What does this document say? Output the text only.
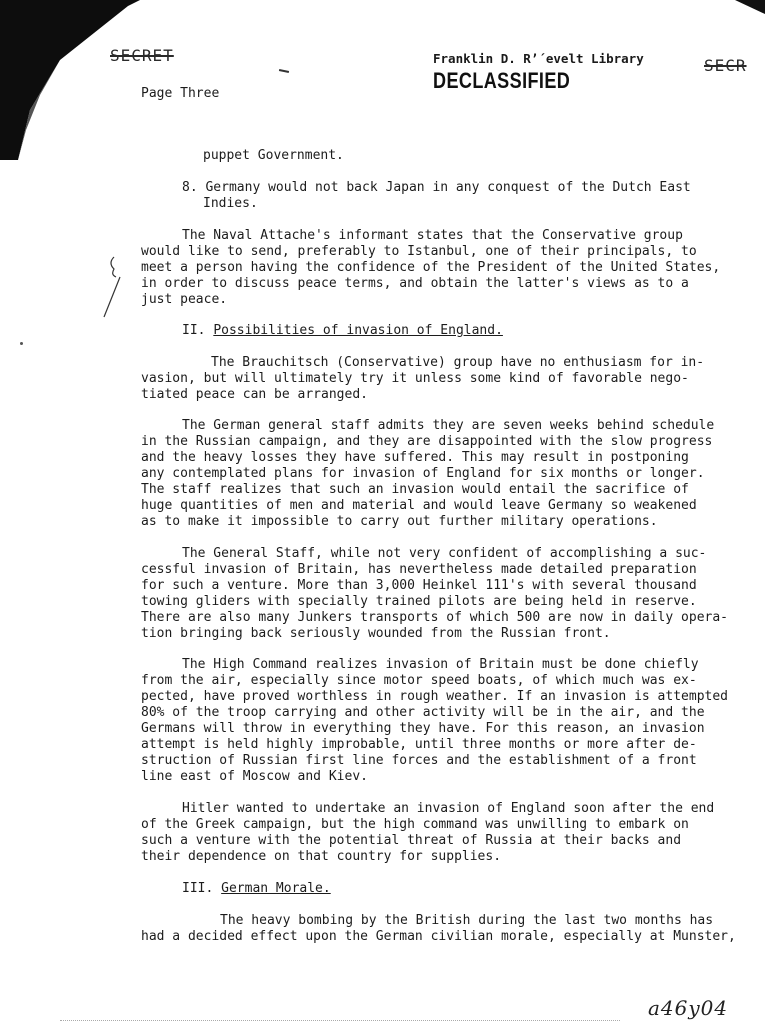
SECRET
SECR
Franklin D. R’´evelt Library
DECLASSIFIED
Page Three
puppet Government.
8. Germany would not back Japan in any conquest of the Dutch East
Indies.
The Naval Attache's informant states that the Conservative group
would like to send, preferably to Istanbul, one of their principals, to
meet a person having the confidence of the President of the United States,
in order to discuss peace terms, and obtain the latter's views as to a
just peace.
II. Possibilities of invasion of England.
The Brauchitsch (Conservative) group have no enthusiasm for in-
vasion, but will ultimately try it unless some kind of favorable nego-
tiated peace can be arranged.
The German general staff admits they are seven weeks behind schedule
in the Russian campaign, and they are disappointed with the slow progress
and the heavy losses they have suffered. This may result in postponing
any contemplated plans for invasion of England for six months or longer.
The staff realizes that such an invasion would entail the sacrifice of
huge quantities of men and material and would leave Germany so weakened
as to make it impossible to carry out further military operations.
The General Staff, while not very confident of accomplishing a suc-
cessful invasion of Britain, has nevertheless made detailed preparation
for such a venture. More than 3,000 Heinkel 111's with several thousand
towing gliders with specially trained pilots are being held in reserve.
There are also many Junkers transports of which 500 are now in daily opera-
tion bringing back seriously wounded from the Russian front.
The High Command realizes invasion of Britain must be done chiefly
from the air, especially since motor speed boats, of which much was ex-
pected, have proved worthless in rough weather. If an invasion is attempted
80% of the troop carrying and other activity will be in the air, and the
Germans will throw in everything they have. For this reason, an invasion
attempt is held highly improbable, until three months or more after de-
struction of Russian first line forces and the establishment of a front
line east of Moscow and Kiev.
Hitler wanted to undertake an invasion of England soon after the end
of the Greek campaign, but the high command was unwilling to embark on
such a venture with the potential threat of Russia at their backs and
their dependence on that country for supplies.
III. German Morale.
The heavy bombing by the British during the last two months has
had a decided effect upon the German civilian morale, especially at Munster,
a46y04
